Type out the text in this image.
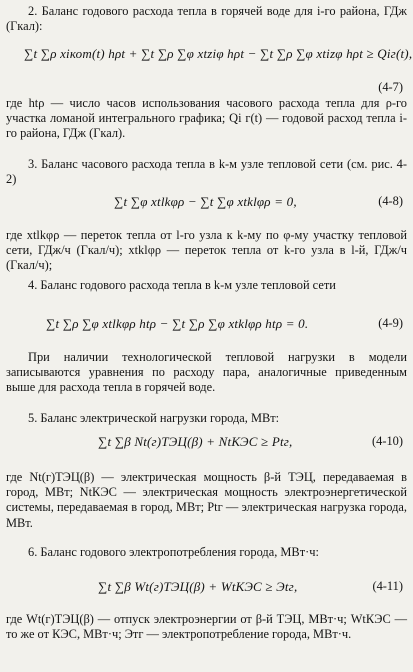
2. Баланс годового расхода тепла в горячей воде для i-го района, ГДж (Гкал):

∑t ∑ρ xiкот(t) hρt + ∑t ∑ρ ∑φ xtziφ hρt − ∑t ∑ρ ∑φ xtizφ hρt ≥ Qiг(t),
(4-7)

где htρ — число часов использования часового расхода тепла для ρ-го участка ломаной интегрального графика; Qi г(t) — годовой расход тепла i-го района, ГДж (Гкал).

3. Баланс часового расхода тепла в k-м узле тепловой сети (см. рис. 4-2)

∑t ∑φ xtlkφρ − ∑t ∑φ xtklφρ = 0,	(4-8)

где xtlkφρ — переток тепла от l-го узла к k-му по φ-му участку тепловой сети, ГДж/ч (Гкал/ч); xtklφρ — переток тепла от k-го узла в l-й, ГДж/ч (Гкал/ч);

4. Баланс годового расхода тепла в k-м узле тепловой сети

∑t ∑ρ ∑φ xtlkφρ htρ − ∑t ∑ρ ∑φ xtklφρ htρ = 0.	(4-9)

При наличии технологической тепловой нагрузки в модели записываются уравнения по расходу пара, аналогичные приведенным выше для расхода тепла в горячей воде.

5. Баланс электрической нагрузки города, МВт:

∑t ∑β Nt(г)ТЭЦ(β) + NtКЭС ≥ Ptг,	(4-10)

где Nt(г)ТЭЦ(β) — электрическая мощность β-й ТЭЦ, передаваемая в город, МВт; NtКЭС — электрическая мощность электроэнергетической системы, передаваемая в город, МВт; Ptг — электрическая нагрузка города, МВт.

6. Баланс годового электропотребления города, МВт·ч:

∑t ∑β Wt(г)ТЭЦ(β) + WtКЭС ≥ Эtг,	(4-11)

где Wt(г)ТЭЦ(β) — отпуск электроэнергии от β-й ТЭЦ, МВт·ч; WtКЭС — то же от КЭС, МВт·ч; Этг — электропотребление города, МВт·ч.
